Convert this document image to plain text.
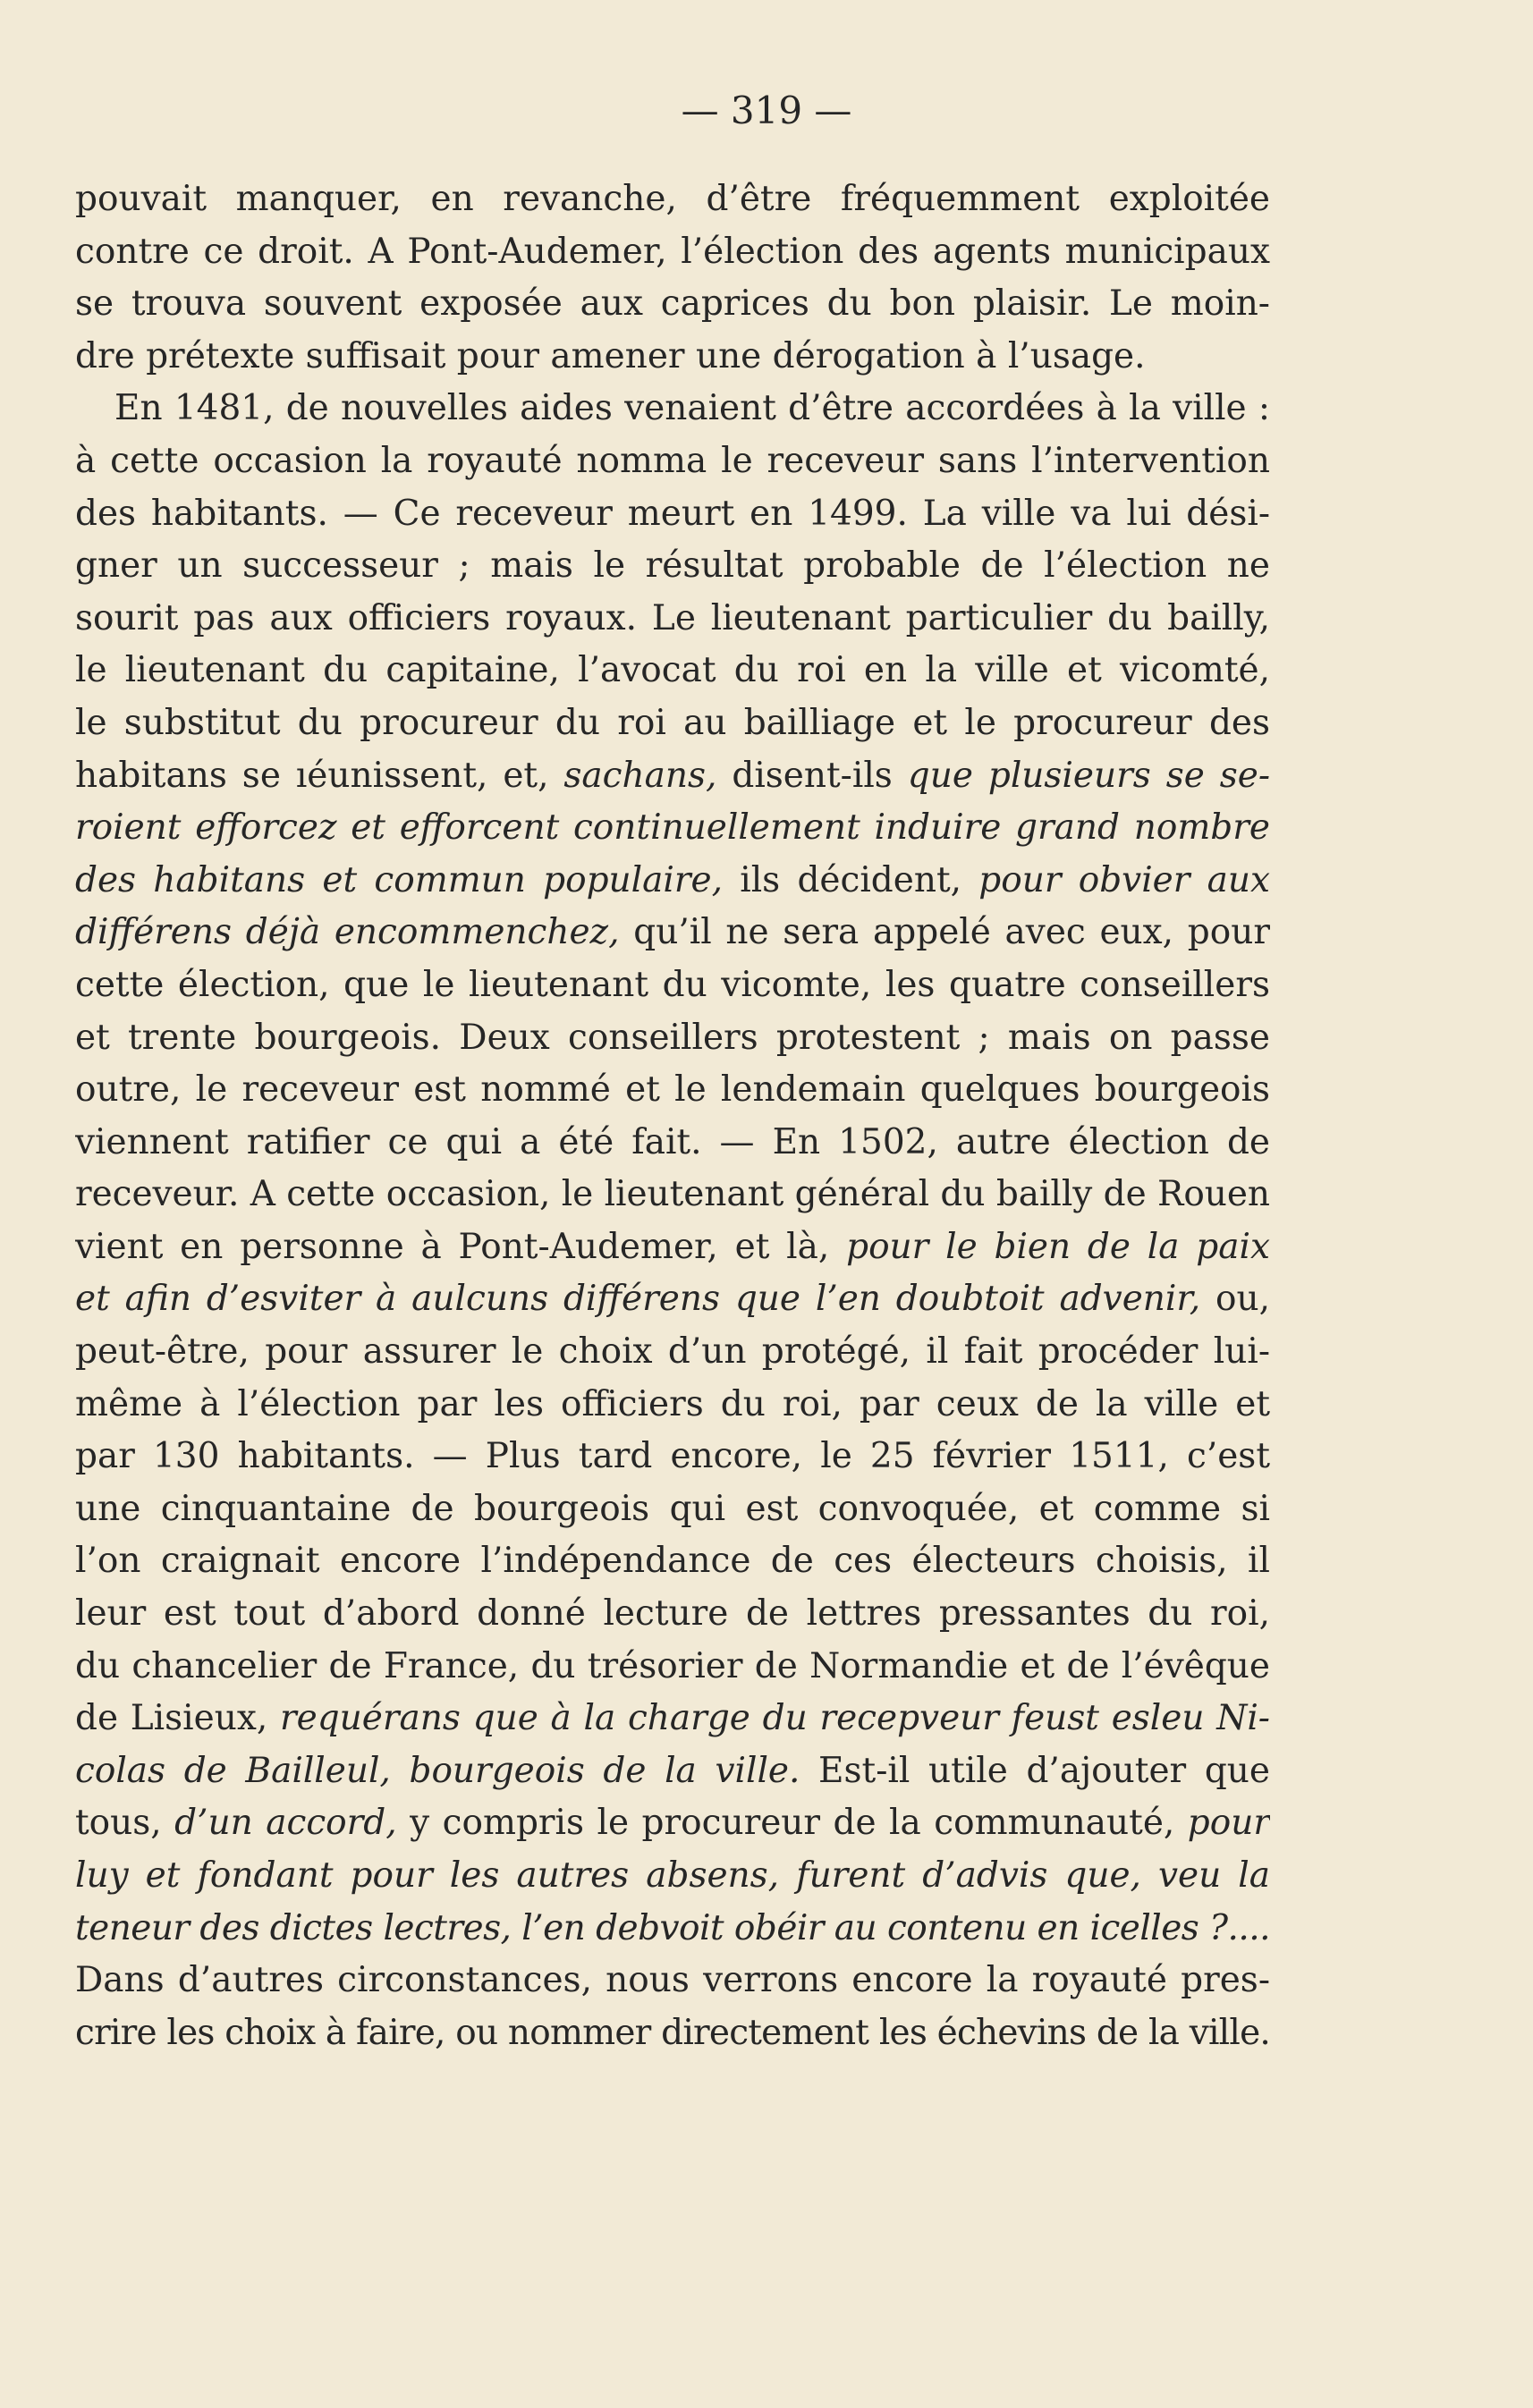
— 319 —
pouvait manquer, en revanche, d’être fréquemment exploitée
contre ce droit. A Pont-Audemer, l’élection des agents municipaux
se trouva souvent exposée aux caprices du bon plaisir. Le moin-
dre prétexte suffisait pour amener une dérogation à l’usage.
En 1481, de nouvelles aides venaient d’être accordées à la ville :
à cette occasion la royauté nomma le receveur sans l’intervention
des habitants. — Ce receveur meurt en 1499. La ville va lui dési-
gner un successeur ; mais le résultat probable de l’élection ne
sourit pas aux officiers royaux. Le lieutenant particulier du bailly,
le lieutenant du capitaine, l’avocat du roi en la ville et vicomté,
le substitut du procureur du roi au bailliage et le procureur des
habitans se ıéunissent, et, sachans, disent-ils que plusieurs se se-
roient efforcez et efforcent continuellement induire grand nombre
des habitans et commun populaire, ils décident, pour obvier aux
différens déjà encommenchez, qu’il ne sera appelé avec eux, pour
cette élection, que le lieutenant du vicomte, les quatre conseillers
et trente bourgeois. Deux conseillers protestent ; mais on passe
outre, le receveur est nommé et le lendemain quelques bourgeois
viennent ratifier ce qui a été fait. — En 1502, autre élection de
receveur. A cette occasion, le lieutenant général du bailly de Rouen
vient en personne à Pont-Audemer, et là, pour le bien de la paix
et afin d’esviter à aulcuns différens que l’en doubtoit advenir, ou,
peut-être, pour assurer le choix d’un protégé, il fait procéder lui-
même à l’élection par les officiers du roi, par ceux de la ville et
par 130 habitants. — Plus tard encore, le 25 février 1511, c’est
une cinquantaine de bourgeois qui est convoquée, et comme si
l’on craignait encore l’indépendance de ces électeurs choisis, il
leur est tout d’abord donné lecture de lettres pressantes du roi,
du chancelier de France, du trésorier de Normandie et de l’évêque
de Lisieux, requérans que à la charge du recepveur feust esleu Ni-
colas de Bailleul, bourgeois de la ville. Est-il utile d’ajouter que
tous, d’un accord, y compris le procureur de la communauté, pour
luy et fondant pour les autres absens, furent d’advis que, veu la
teneur des dictes lectres, l’en debvoit obéir au contenu en icelles ?....
Dans d’autres circonstances, nous verrons encore la royauté pres-
crire les choix à faire, ou nommer directement les échevins de la ville.
